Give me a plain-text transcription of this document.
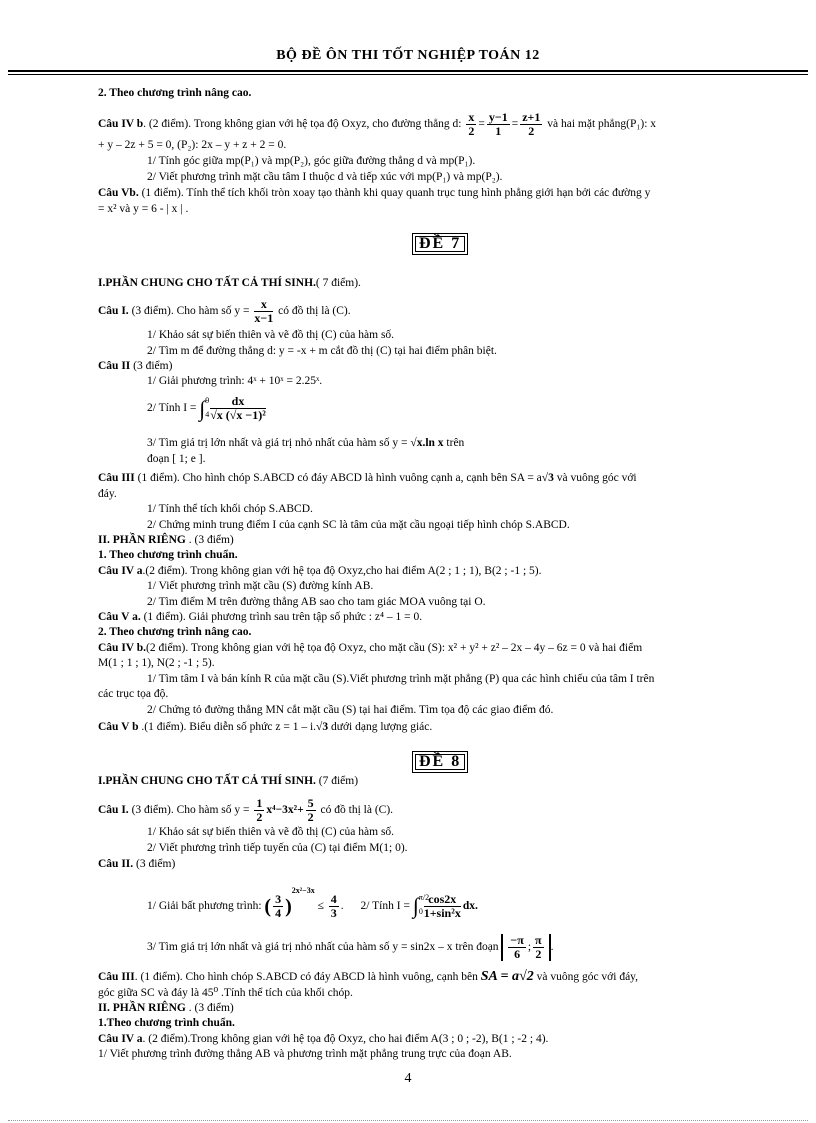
BỘ ĐỀ ÔN THI TỐT NGHIỆP TOÁN 12
2. Theo chương trình nâng cao.
Câu IV b. (2 điểm). Trong không gian với hệ tọa độ Oxyz, cho đường thẳng d: $\frac{x}{2} = \frac{y-1}{1} = \frac{z+1}{2}$ và hai mặt phẳng(P₁): x
+ y – 2z + 5 = 0, (P₂): 2x – y + z + 2 = 0.
1/ Tính góc giữa mp(P₁) và mp(P₂), góc giữa đường thẳng d và mp(P₁).
2/ Viết phương trình mặt cầu tâm I thuộc d và tiếp xúc với mp(P₁) và mp(P₂).
Câu Vb. (1 điểm). Tính thể tích khối tròn xoay tạo thành khi quay quanh trục tung hình phẳng giới hạn bởi các đường y
= x² và y = 6 - | x | .
ĐỀ 7
I.PHẦN CHUNG CHO TẤT CẢ THÍ SINH.( 7 điểm).
Câu I. (3 điểm). Cho hàm số $y = \frac{x}{x-1}$ có đồ thị là (C).
1/ Khảo sát sự biến thiên và vẽ đồ thị (C) của hàm số.
2/ Tìm m để đường thẳng d: y = -x + m cắt đồ thị (C) tại hai điểm phân biệt.
Câu II (3 điểm)
1/ Giải phương trình: 4ˣ + 10ˣ = 2.25ˣ.
2/ Tính I = ∫ 9
4
$\frac{dx}{\text{√x (√x −1)²}}$
3/ Tìm giá trị lớn nhất và giá trị nhỏ nhất của hàm số y = √x.ln x trên
đoạn [ 1; e ].
Câu III (1 điểm). Cho hình chóp S.ABCD có đáy ABCD là hình vuông cạnh a, cạnh bên SA = a√3 và vuông góc với
đáy.
1/ Tính thể tích khối chóp S.ABCD.
2/ Chứng minh trung điểm I của cạnh SC là tâm của mặt cầu ngoại tiếp hình chóp S.ABCD.
II. PHẦN RIÊNG . (3 điểm)
1. Theo chương trình chuẩn.
Câu IV a.(2 điểm). Trong không gian với hệ tọa độ Oxyz,cho hai điểm A(2 ; 1 ; 1), B(2 ; -1 ; 5).
1/ Viết phương trình mặt cầu (S) đường kính AB.
2/ Tìm điểm M trên đường thẳng AB sao cho tam giác MOA vuông tại O.
Câu V a. (1 điểm). Giải phương trình sau trên tập số phức : z⁴ – 1 = 0.
2. Theo chương trình nâng cao.
Câu IV b.(2 điểm). Trong không gian với hệ tọa độ Oxyz, cho mặt cầu (S): x² + y² + z² – 2x – 4y – 6z = 0 và hai điểm
M(1 ; 1 ; 1), N(2 ; -1 ; 5).
1/ Tìm tâm I và bán kính R của mặt cầu (S).Viết phương trình mặt phẳng (P) qua các hình chiếu của tâm I trên
các trục tọa độ.
2/ Chứng tỏ đường thẳng MN cắt mặt cầu (S) tại hai điểm. Tìm tọa độ các giao điểm đó.
Câu V b .(1 điểm). Biểu diễn số phức z = 1 – i.√3 dưới dạng lượng giác.
ĐỀ 8
I.PHẦN CHUNG CHO TẤT CẢ THÍ SINH. (7 điểm)
Câu I. (3 điểm). Cho hàm số $y = \frac{1}{2} x^4-3x^2+ \frac{5}{2}$ có đồ thị là (C).
1/ Khảo sát sự biến thiên và vẽ đồ thị (C) của hàm số.
2/ Viết phương trình tiếp tuyến của (C) tại điểm M(1; 0).
Câu II. (3 điểm)
1/ Giải bất phương trình: ( $\frac{3}{4} )^{2x^2-3x} \le \frac{4}{3}$ . 2/ Tính I = ∫ π/2
0
$\frac{\cos 2x}{\text{1+sin²x}}$ dx.
3/ Tìm giá trị lớn nhất và giá trị nhỏ nhất của hàm số y = sin2x – x trên đoạn $\frac{-\pi}{6}$ ; $\frac{\pi}{2}$ .
Câu III. (1 điểm). Cho hình chóp S.ABCD có đáy ABCD là hình vuông, cạnh bên SA = a√2 và vuông góc với đáy,
góc giữa SC và đáy là 45⁰ .Tính thể tích của khối chóp.
II. PHẦN RIÊNG . (3 điểm)
1.Theo chương trình chuẩn.
Câu IV a. (2 điểm).Trong không gian với hệ tọa độ Oxyz, cho hai điểm A(3 ; 0 ; -2), B(1 ; -2 ; 4).
1/ Viết phương trình đường thẳng AB và phương trình mặt phẳng trung trực của đoạn AB.
4
